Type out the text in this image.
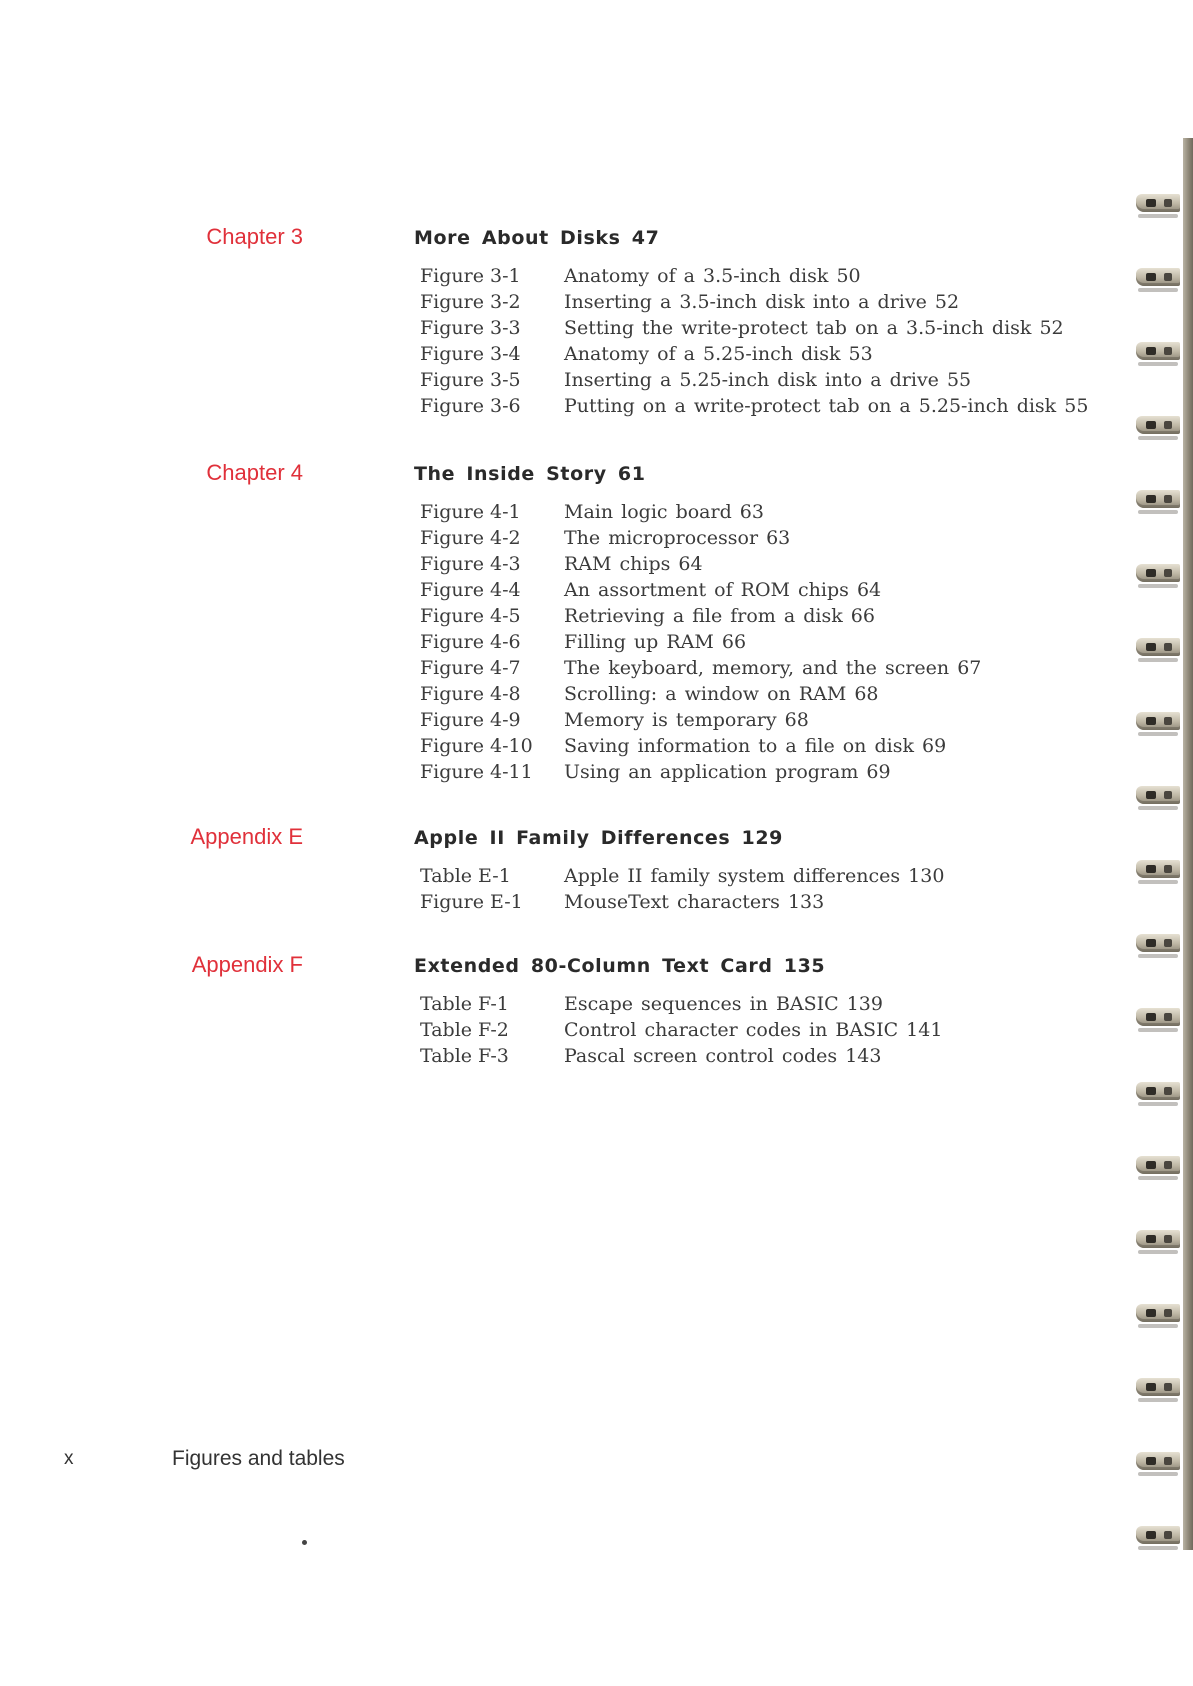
Chapter 3	More About Disks 47
Figure 3-1 Anatomy of a 3.5-inch disk 50
Figure 3-2 Inserting a 3.5-inch disk into a drive 52
Figure 3-3 Setting the write-protect tab on a 3.5-inch disk 52
Figure 3-4 Anatomy of a 5.25-inch disk 53
Figure 3-5 Inserting a 5.25-inch disk into a drive 55
Figure 3-6 Putting on a write-protect tab on a 5.25-inch disk 55
Chapter 4	The Inside Story 61
Figure 4-1 Main logic board 63
Figure 4-2 The microprocessor 63
Figure 4-3 RAM chips 64
Figure 4-4 An assortment of ROM chips 64
Figure 4-5 Retrieving a file from a disk 66
Figure 4-6 Filling up RAM 66
Figure 4-7 The keyboard, memory, and the screen 67
Figure 4-8 Scrolling: a window on RAM 68
Figure 4-9 Memory is temporary 68
Figure 4-10 Saving information to a file on disk 69
Figure 4-11 Using an application program 69
Appendix E	Apple II Family Differences 129
Table E-1	Apple II family system differences 130
Figure E-1 MouseText characters 133
Appendix F	Extended 80-Column Text Card 135
Table F-1	Escape sequences in BASIC 139
Table F-2	Control character codes in BASIC 141
Table F-3	Pascal screen control codes 143
x	Figures and tables
